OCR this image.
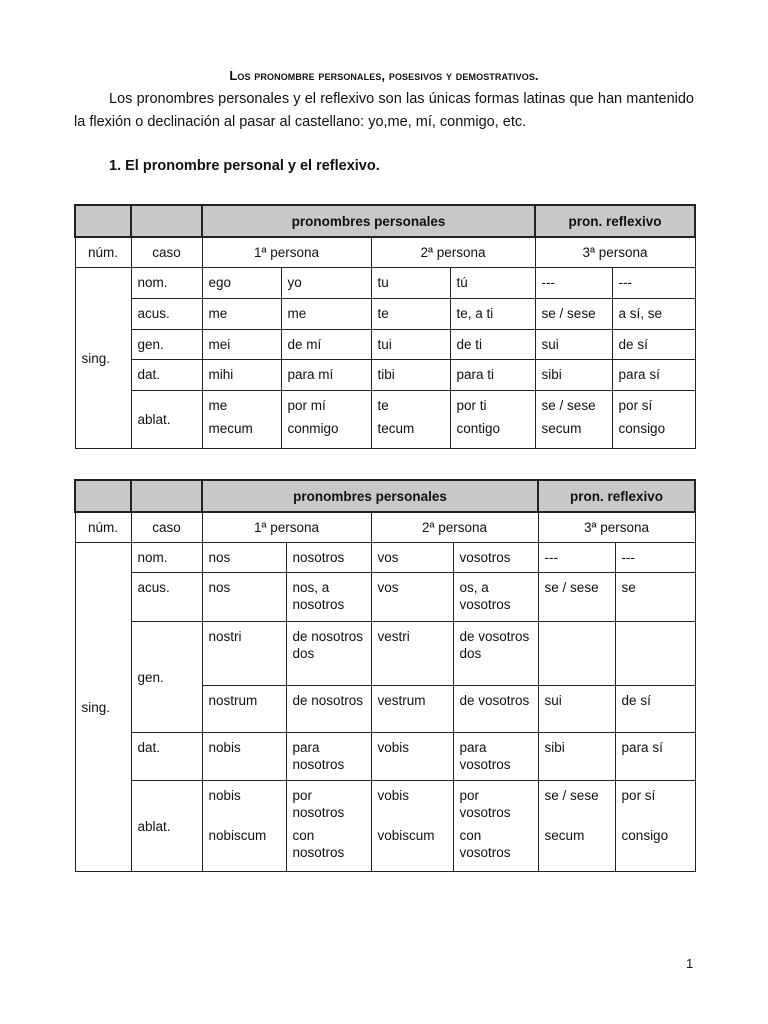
Los pronombre personales, posesivos y demostrativos.
Los pronombres personales y el reflexivo son las únicas formas latinas que han mantenido la flexión o declinación al pasar al castellano: yo,me, mí, conmigo, etc.
1. El pronombre personal y el reflexivo.
		pronombres personales				pron. reflexivo	
núm.	caso	1ª persona		2ª persona		3ª persona	
sing.	nom.	ego	yo	tu	tú	---	---
	acus.	me	me	te	te, a ti	se / sese	a sí, se
	gen.	mei	de mí	tui	de ti	sui	de sí
	dat.	mihi	para mí	tibi	para ti	sibi	para sí
	ablat.	me	por mí	te	por ti	se / sese	por sí
		mecum	conmigo	tecum	contigo	secum	consigo
		pronombres personales				pron. reflexivo	
núm.	caso	1ª persona		2ª persona		3ª persona	
sing.	nom.	nos	nosotros	vos	vosotros	---	---
	acus.	nos	nos, a nosotros	vos	os, a vosotros	se / sese	se
	gen.	nostri	de nosotros dos	vestri	de vosotros dos		
		nostrum	de nosotros	vestrum	de vosotros	sui	de sí
	dat.	nobis	para nosotros	vobis	para vosotros	sibi	para sí
	ablat.	nobis	por nosotros	vobis	por vosotros	se / sese	por sí
		nobiscum	con nosotros	vobiscum	con vosotros	secum	consigo
1
